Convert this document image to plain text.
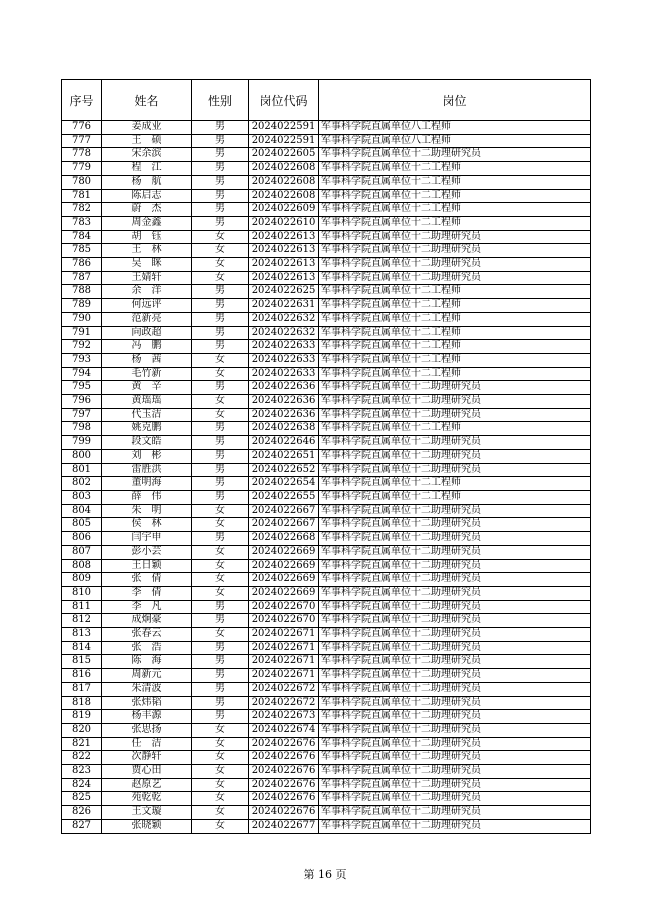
序号	姓名	性别	岗位代码	岗位
776	姜成业	男	2024022591	军事科学院直属单位八工程师
777	王　硕	男	2024022591	军事科学院直属单位八工程师
778	宋余滨	男	2024022605	军事科学院直属单位十二助理研究员
779	程　江	男	2024022608	军事科学院直属单位十二工程师
780	杨　航	男	2024022608	军事科学院直属单位十二工程师
781	陈启志	男	2024022608	军事科学院直属单位十二工程师
782	蔚　杰	男	2024022609	军事科学院直属单位十二工程师
783	周金鑫	男	2024022610	军事科学院直属单位十二工程师
784	胡　钰	女	2024022613	军事科学院直属单位十二助理研究员
785	王　林	女	2024022613	军事科学院直属单位十二助理研究员
786	吴　眯	女	2024022613	军事科学院直属单位十二助理研究员
787	王婧轩	女	2024022613	军事科学院直属单位十二助理研究员
788	余　洋	男	2024022625	军事科学院直属单位十二工程师
789	何远评	男	2024022631	军事科学院直属单位十二工程师
790	范新亮	男	2024022632	军事科学院直属单位十二工程师
791	向政超	男	2024022632	军事科学院直属单位十二工程师
792	冯　鹏	男	2024022633	军事科学院直属单位十二工程师
793	杨　茜	女	2024022633	军事科学院直属单位十二工程师
794	毛竹新	女	2024022633	军事科学院直属单位十二工程师
795	黄　辛	男	2024022636	军事科学院直属单位十二助理研究员
796	黄瑶瑶	女	2024022636	军事科学院直属单位十二助理研究员
797	代玉洁	女	2024022636	军事科学院直属单位十二助理研究员
798	姚克鹏	男	2024022638	军事科学院直属单位十二工程师
799	段文皓	男	2024022646	军事科学院直属单位十二助理研究员
800	刘　彬	男	2024022651	军事科学院直属单位十二助理研究员
801	雷胜洪	男	2024022652	军事科学院直属单位十二助理研究员
802	董明海	男	2024022654	军事科学院直属单位十二工程师
803	薛　伟	男	2024022655	军事科学院直属单位十二工程师
804	朱　明	女	2024022667	军事科学院直属单位十二助理研究员
805	侯　林	女	2024022667	军事科学院直属单位十二助理研究员
806	闫宇申	男	2024022668	军事科学院直属单位十二助理研究员
807	彭小芸	女	2024022669	军事科学院直属单位十二助理研究员
808	王日颖	女	2024022669	军事科学院直属单位十二助理研究员
809	张　倩	女	2024022669	军事科学院直属单位十二助理研究员
810	李　倩	女	2024022669	军事科学院直属单位十二助理研究员
811	李　凡	男	2024022670	军事科学院直属单位十二助理研究员
812	成炯豪	男	2024022670	军事科学院直属单位十二助理研究员
813	张春云	女	2024022671	军事科学院直属单位十二助理研究员
814	张　浩	男	2024022671	军事科学院直属单位十二助理研究员
815	陈　海	男	2024022671	军事科学院直属单位十二助理研究员
816	周新元	男	2024022671	军事科学院直属单位十二助理研究员
817	朱清波	男	2024022672	军事科学院直属单位十二助理研究员
818	张炜韬	男	2024022672	军事科学院直属单位十二助理研究员
819	杨丰源	男	2024022673	军事科学院直属单位十二助理研究员
820	张思扬	女	2024022674	军事科学院直属单位十二助理研究员
821	任　洁	女	2024022676	军事科学院直属单位十二助理研究员
822	次静轩	女	2024022676	军事科学院直属单位十二助理研究员
823	贾心田	女	2024022676	军事科学院直属单位十二助理研究员
824	赵原艺	女	2024022676	军事科学院直属单位十二助理研究员
825	苑乾乾	女	2024022676	军事科学院直属单位十二助理研究员
826	王文璇	女	2024022676	军事科学院直属单位十二助理研究员
827	张晓颖	女	2024022677	军事科学院直属单位十二助理研究员
第 16 页
